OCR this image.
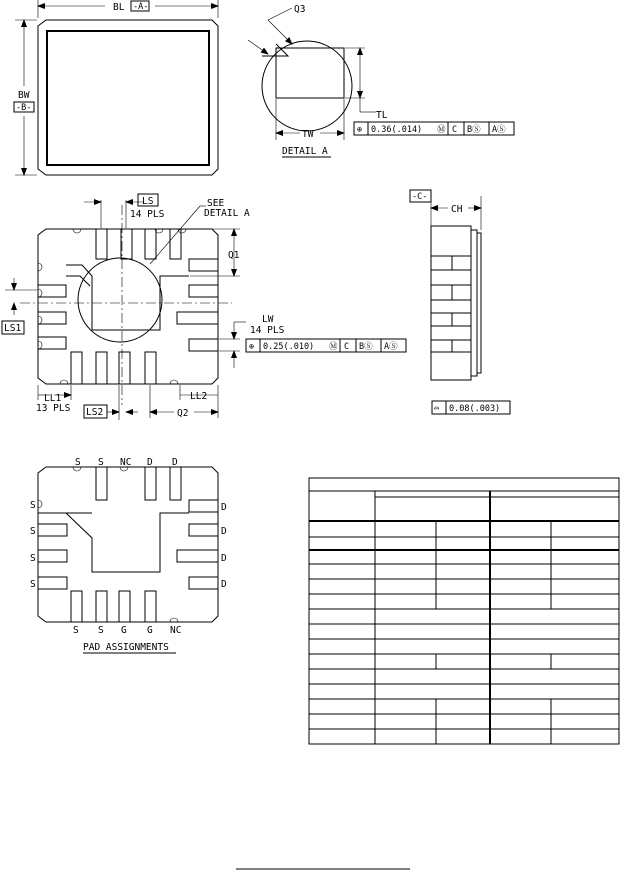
BL -A-
BW
-B-
Q3
TL
TW
DETAIL A
⊕ 0.36(.014) Ⓜ C BⓈ AⓈ
LS
14 PLS
SEE
DETAIL A
Q1
LS1
LW
14 PLS
⊕ 0.25(.010) Ⓜ C BⓈ AⓈ
LL1
13 PLS LS2	Q2
LL2
-C-
CH
⌓ 0.08(.003)
S S NC D D
S S G G NC
S
S
S
S
D
D
D
D
PAD ASSIGNMENTS
